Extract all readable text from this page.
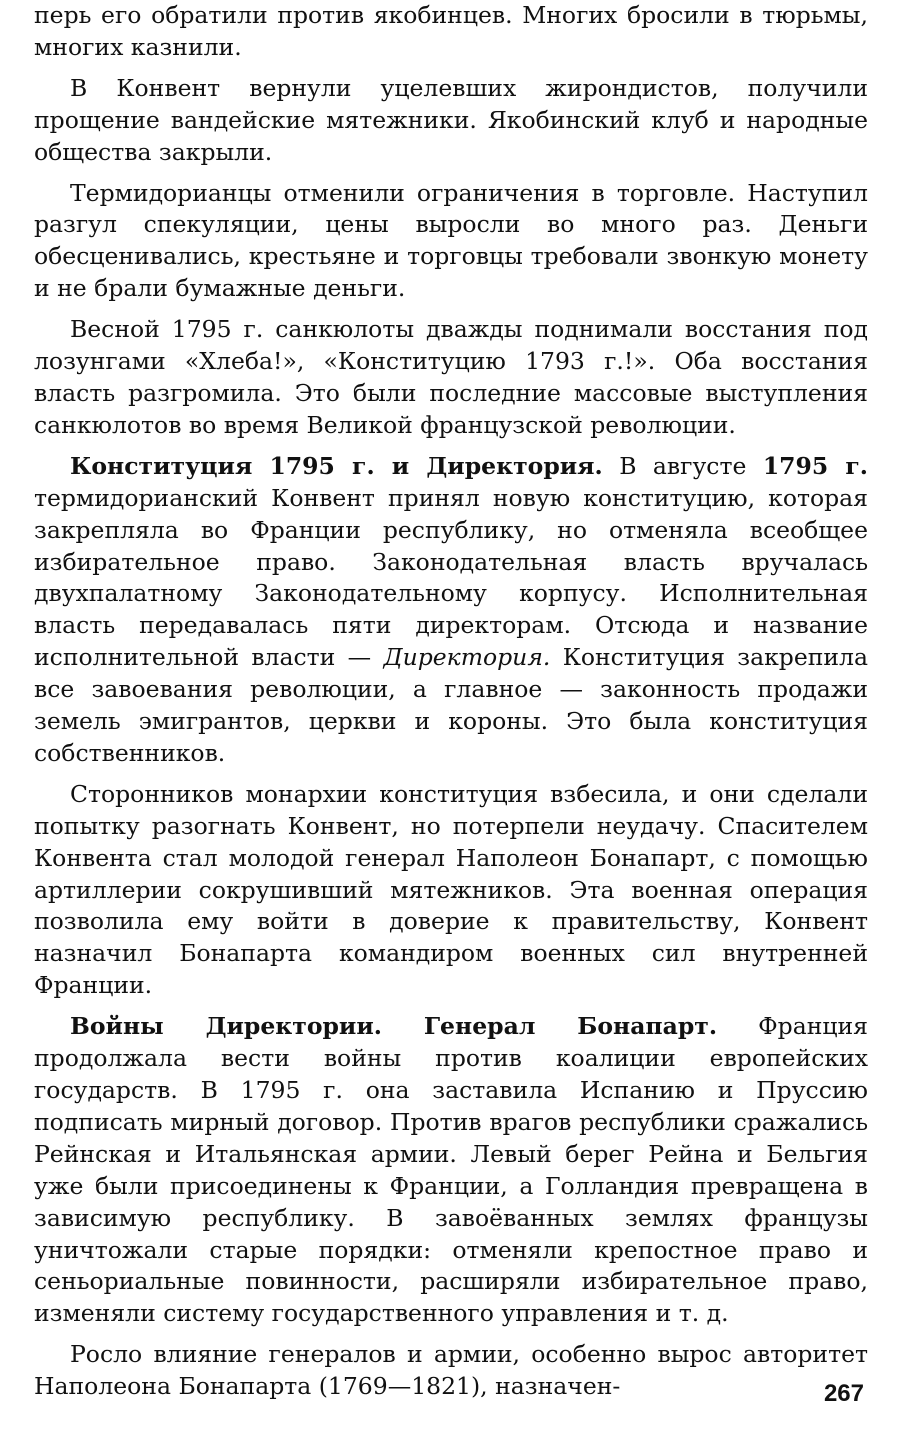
перь его обратили против якобинцев. Многих бросили в тюрьмы, многих казнили.

В Конвент вернули уцелевших жирондистов, получили прощение вандейские мятежники. Якобинский клуб и народные общества закрыли.

Термидорианцы отменили ограничения в торговле. Наступил разгул спекуляции, цены выросли во много раз. Деньги обесценивались, крестьяне и торговцы требовали звонкую монету и не брали бумажные деньги.

Весной 1795 г. санкюлоты дважды поднимали восстания под лозунгами «Хлеба!», «Конституцию 1793 г.!». Оба восстания власть разгромила. Это были последние массовые выступления санкюлотов во время Великой французской революции.

Конституция 1795 г. и Директория. В августе 1795 г. термидорианский Конвент принял новую конституцию, которая закрепляла во Франции республику, но отменяла всеобщее избирательное право. Законодательная власть вручалась двухпалатному Законодательному корпусу. Исполнительная власть передавалась пяти директорам. Отсюда и название исполнительной власти — Директория. Конституция закрепила все завоевания революции, а главное — законность продажи земель эмигрантов, церкви и короны. Это была конституция собственников.

Сторонников монархии конституция взбесила, и они сделали попытку разогнать Конвент, но потерпели неудачу. Спасителем Конвента стал молодой генерал Наполеон Бонапарт, с помощью артиллерии сокрушивший мятежников. Эта военная операция позволила ему войти в доверие к правительству, Конвент назначил Бонапарта командиром военных сил внутренней Франции.

Войны Директории. Генерал Бонапарт. Франция продолжала вести войны против коалиции европейских государств. В 1795 г. она заставила Испанию и Пруссию подписать мирный договор. Против врагов республики сражались Рейнская и Итальянская армии. Левый берег Рейна и Бельгия уже были присоединены к Франции, а Голландия превращена в зависимую республику. В завоёванных землях французы уничтожали старые порядки: отменяли крепостное право и сеньориальные повинности, расширяли избирательное право, изменяли систему государственного управления и т. д.

Росло влияние генералов и армии, особенно вырос авторитет Наполеона Бонапарта (1769—1821), назначен-	267
